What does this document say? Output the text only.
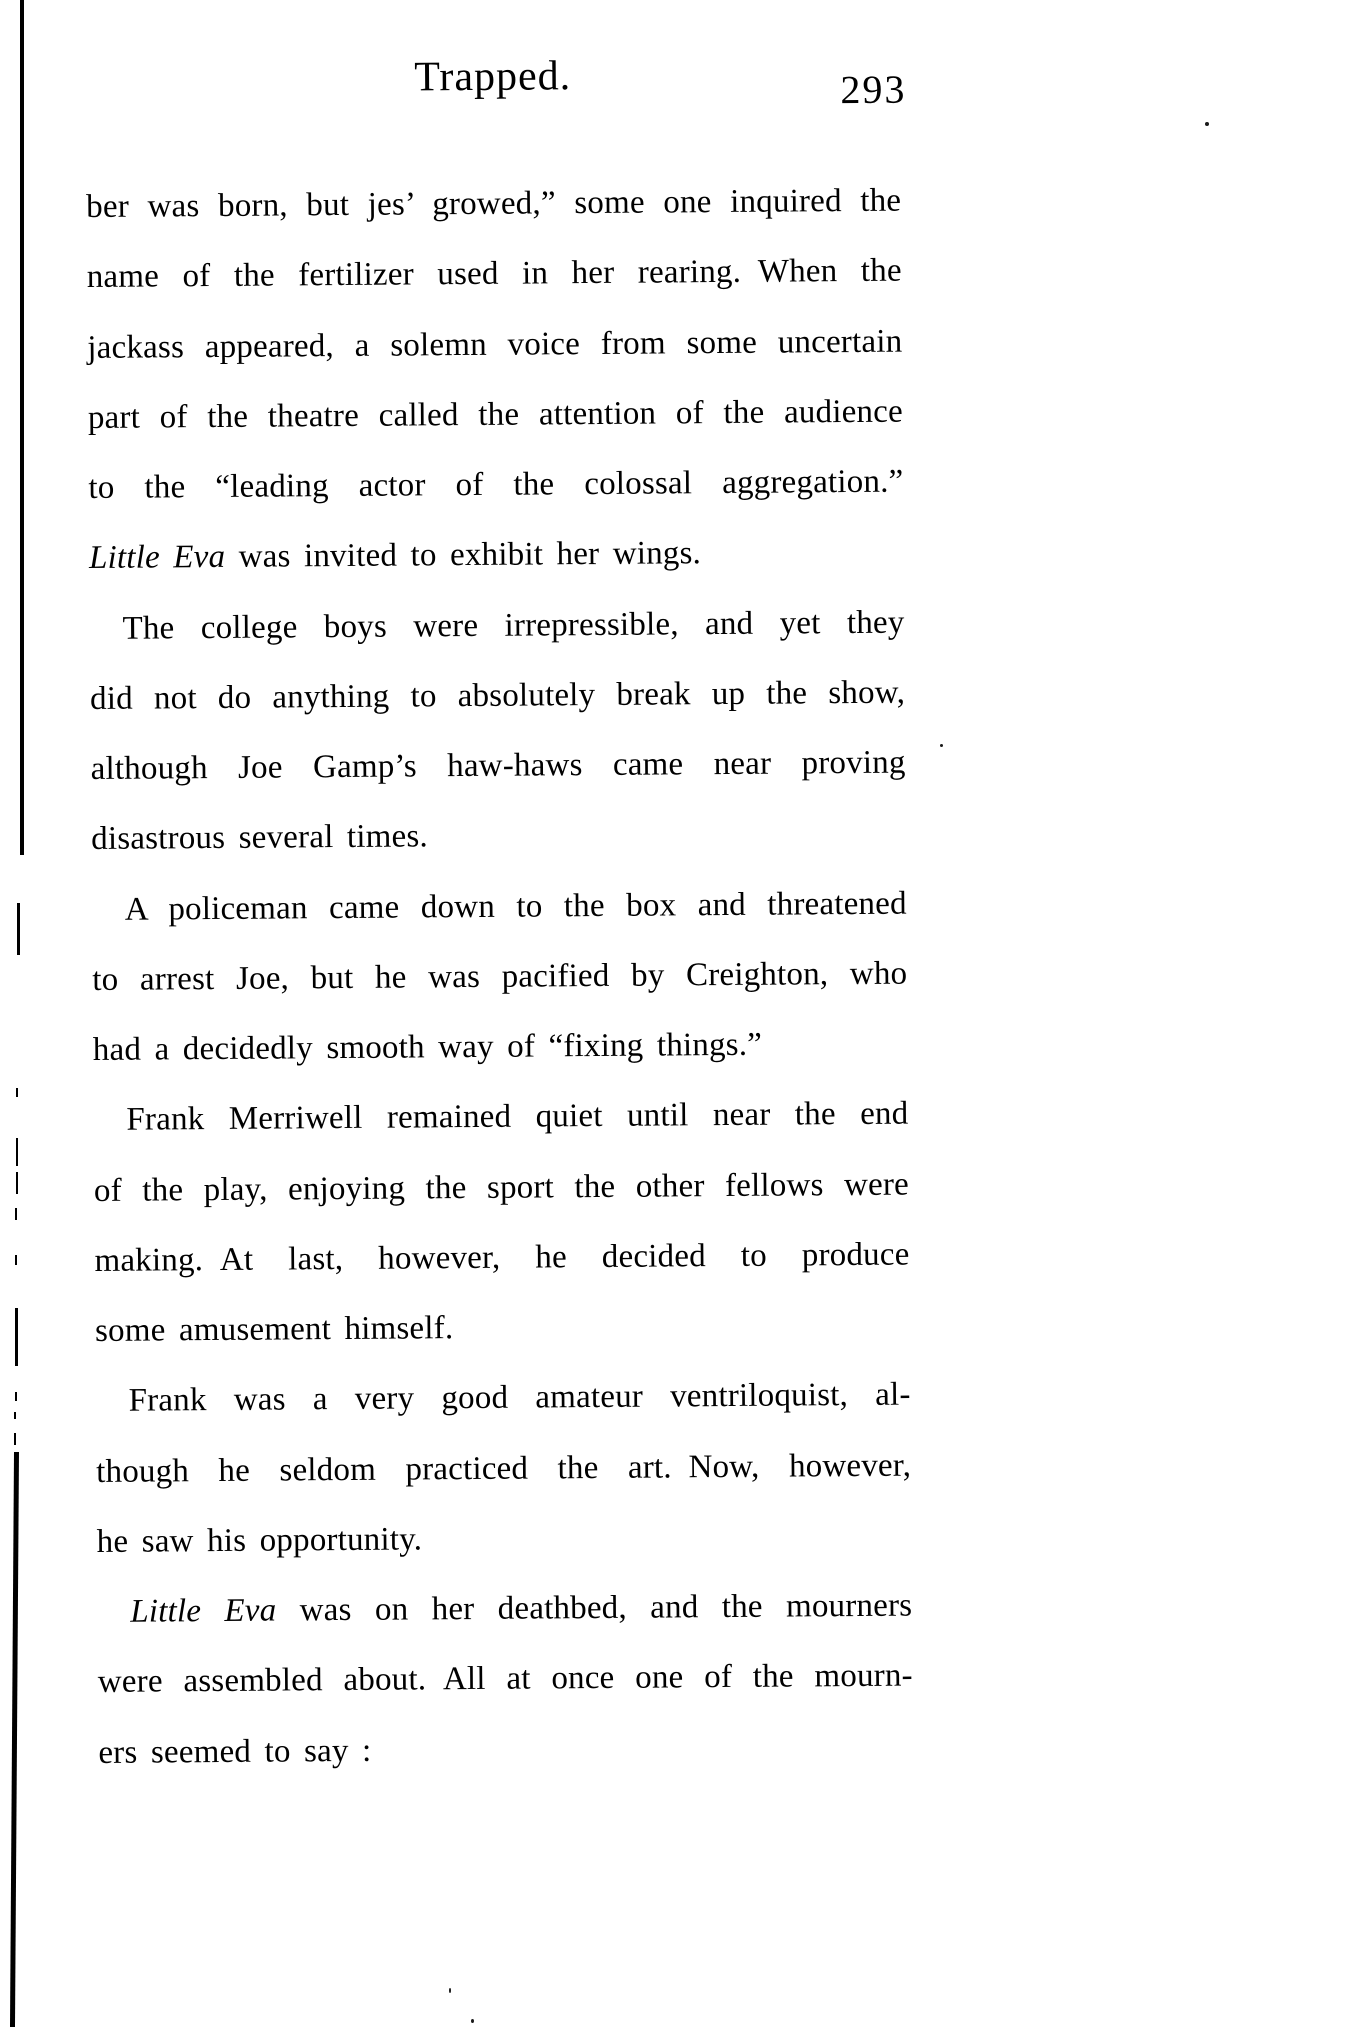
Trapped.	293
ber was born, but jes’ growed,” some one inquired the
name of the fertilizer used in her rearing. When the
jackass appeared, a solemn voice from some uncertain
part of the theatre called the attention of the audience
to the “leading actor of the colossal aggregation.”
Little Eva was invited to exhibit her wings.
The college boys were irrepressible, and yet they
did not do anything to absolutely break up the show,
although Joe Gamp’s haw-haws came near proving
disastrous several times.
A policeman came down to the box and threatened
to arrest Joe, but he was pacified by Creighton, who
had a decidedly smooth way of “fixing things.”
Frank Merriwell remained quiet until near the end
of the play, enjoying the sport the other fellows were
making. At last, however, he decided to produce
some amusement himself.
Frank was a very good amateur ventriloquist, al-
though he seldom practiced the art. Now, however,
he saw his opportunity.
Little Eva was on her deathbed, and the mourners
were assembled about. All at once one of the mourn-
ers seemed to say :
